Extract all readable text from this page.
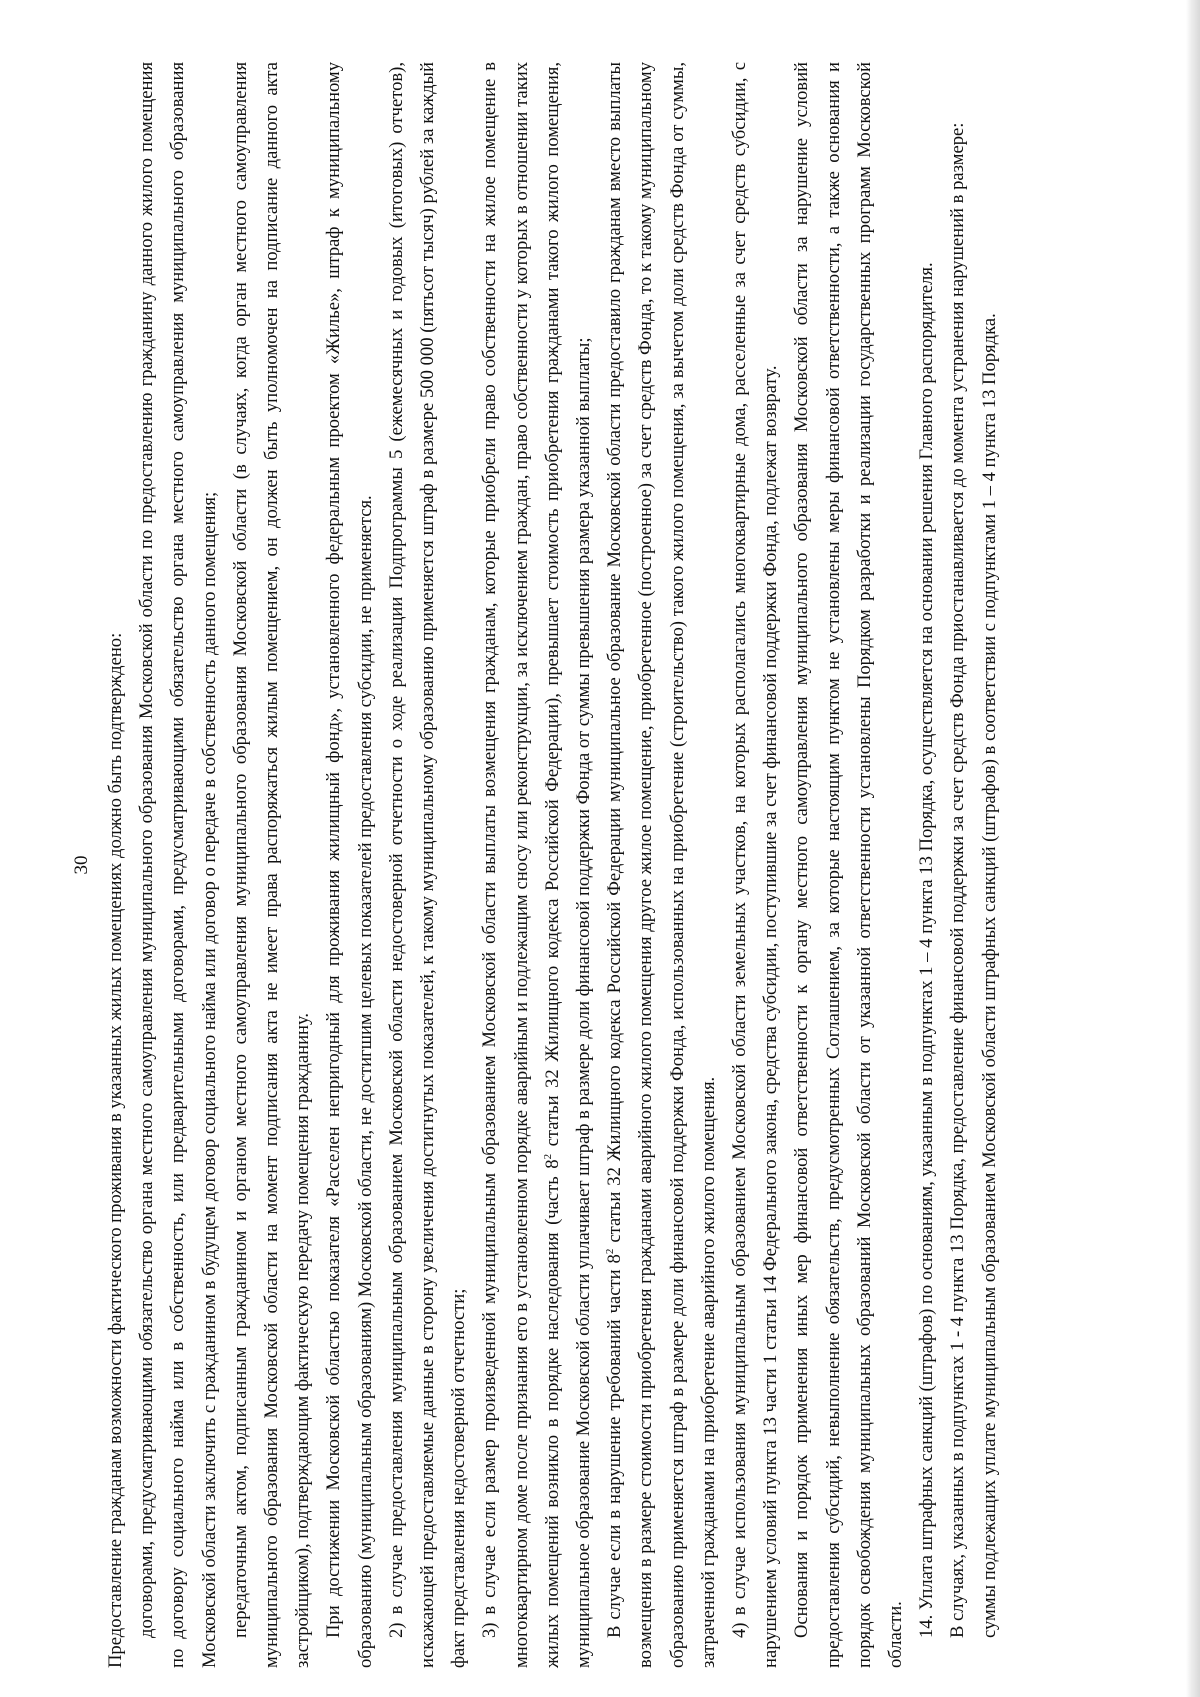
30 Предоставление гражданам возможности фактического проживания в указанных жилых помещениях должно быть подтверждено: договорами, предусматривающими обязательство органа местного самоуправления муниципального образования Московской области по предоставлению гражданину данного жилого помещения по договору социального найма или в собственность, или предварительными договорами, предусматривающими обязательство органа местного самоуправления муниципального образования Московской области заключить с гражданином в будущем договор социального найма или договор о передаче в собственность данного помещения; передаточным актом, подписанным гражданином и органом местного самоуправления муниципального образования Московской области (в случаях, когда орган местного самоуправления муниципального образования Московской области на момент подписания акта не имеет права распоряжаться жилым помещением, он должен быть уполномочен на подписание данного акта застройщиком), подтверждающим фактическую передачу помещения гражданину. При достижении Московской областью показателя «Расселен непригодный для проживания жилищный фонд», установленного федеральным проектом «Жилье», штраф к муниципальному образованию (муниципальным образованиям) Московской области, не достигшим целевых показателей предоставления субсидии, не применяется. 2) в случае предоставления муниципальным образованием Московской области недостоверной отчетности о ходе реализации Подпрограммы 5 (ежемесячных и годовых (итоговых) отчетов), искажающей предоставляемые данные в сторону увеличения достигнутых показателей, к такому муниципальному образованию применяется штраф в размере 500 000 (пятьсот тысяч) рублей за каждый факт представления недостоверной отчетности; 3) в случае если размер произведенной муниципальным образованием Московской области выплаты возмещения гражданам, которые приобрели право собственности на жилое помещение в многоквартирном доме после признания его в установленном порядке аварийным и подлежащим сносу или реконструкции, за исключением граждан, право собственности у которых в отношении таких жилых помещений возникло в порядке наследования (часть $8^2$ статьи 32 Жилищного кодекса Российской Федерации), превышает стоимость приобретения гражданами такого жилого помещения, муниципальное образование Московской области уплачивает штраф в размере доли финансовой поддержки Фонда от суммы превышения размера указанной выплаты; В случае если в нарушение требований части $8^2$ статьи 32 Жилищного кодекса Российской Федерации муниципальное образование Московской области предоставило гражданам вместо выплаты возмещения в размере стоимости приобретения гражданами аварийного жилого помещения другое жилое помещение, приобретенное (построенное) за счет средств Фонда, то к такому муниципальному образованию применяется штраф в размере доли финансовой поддержки Фонда, использованных на приобретение (строительство) такого жилого помещения, за вычетом доли средств Фонда от суммы, затраченной гражданами на приобретение аварийного жилого помещения. 4) в случае использования муниципальным образованием Московской области земельных участков, на которых располагались многоквартирные дома, расселенные за счет средств субсидии, с нарушением условий пункта 13 части 1 статьи 14 Федерального закона, средства субсидии, поступившие за счет финансовой поддержки Фонда, подлежат возврату. Основания и порядок применения иных мер финансовой ответственности к органу местного самоуправления муниципального образования Московской области за нарушение условий предоставления субсидий, невыполнение обязательств, предусмотренных Соглашением, за которые настоящим пунктом не установлены меры финансовой ответственности, а также основания и порядок освобождения муниципальных образований Московской области от указанной ответственности установлены Порядком разработки и реализации государственных программ Московской области. 14. Уплата штрафных санкций (штрафов) по основаниям, указанным в подпунктах 1 – 4 пункта 13 Порядка, осуществляется на основании решения Главного распорядителя. В случаях, указанных в подпунктах 1 - 4 пункта 13 Порядка, предоставление финансовой поддержки за счет средств Фонда приостанавливается до момента устранения нарушений в размере: суммы подлежащих уплате муниципальным образованием Московской области штрафных санкций (штрафов) в соответствии с подпунктами 1 – 4 пункта 13 Порядка.
